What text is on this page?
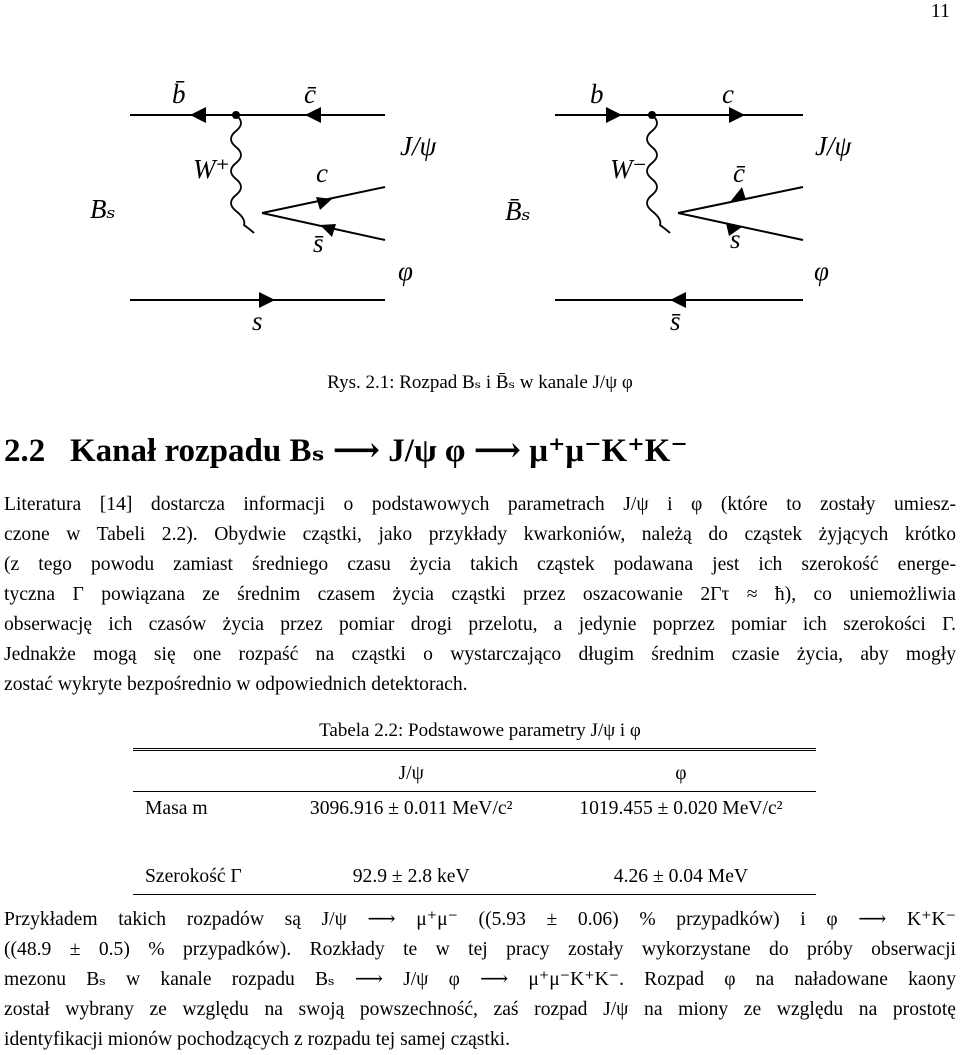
11
b̄	c̄
W⁺	c
s̄
Bₛ
J/ψ
φ
s
b	c
W⁻	c̄
s
B̄ₛ
J/ψ
φ
s̄
Rys. 2.1: Rozpad Bₛ i B̄ₛ w kanale J/ψ φ
2.2 Kanał rozpadu Bₛ ⟶ J/ψ φ ⟶ μ⁺μ⁻K⁺K⁻
Literatura [14] dostarcza informacji o podstawowych parametrach J/ψ i φ (które to zostały umiesz-
czone w Tabeli 2.2). Obydwie cząstki, jako przykłady kwarkoniów, należą do cząstek żyjących krótko
(z tego powodu zamiast średniego czasu życia takich cząstek podawana jest ich szerokość energe-
tyczna Γ powiązana ze średnim czasem życia cząstki przez oszacowanie 2Γτ ≈ ħ), co uniemożliwia
obserwację ich czasów życia przez pomiar drogi przelotu, a jedynie poprzez pomiar ich szerokości Γ.
Jednakże mogą się one rozpaść na cząstki o wystarczająco długim średnim czasie życia, aby mogły
zostać wykryte bezpośrednio w odpowiednich detektorach.
Tabela 2.2: Podstawowe parametry J/ψ i φ

	J/ψ	φ
Masa m	3096.916 ± 0.011 MeV/c²	1019.455 ± 0.020 MeV/c²

Szerokość Γ	92.9 ± 2.8 keV	4.26 ± 0.04 MeV
Przykładem takich rozpadów są J/ψ ⟶ μ⁺μ⁻ ((5.93 ± 0.06) % przypadków) i φ ⟶ K⁺K⁻
((48.9 ± 0.5) % przypadków). Rozkłady te w tej pracy zostały wykorzystane do próby obserwacji
mezonu Bₛ w kanale rozpadu Bₛ ⟶ J/ψ φ ⟶ μ⁺μ⁻K⁺K⁻. Rozpad φ na naładowane kaony
został wybrany ze względu na swoją powszechność, zaś rozpad J/ψ na miony ze względu na prostotę
identyfikacji mionów pochodzących z rozpadu tej samej cząstki.
